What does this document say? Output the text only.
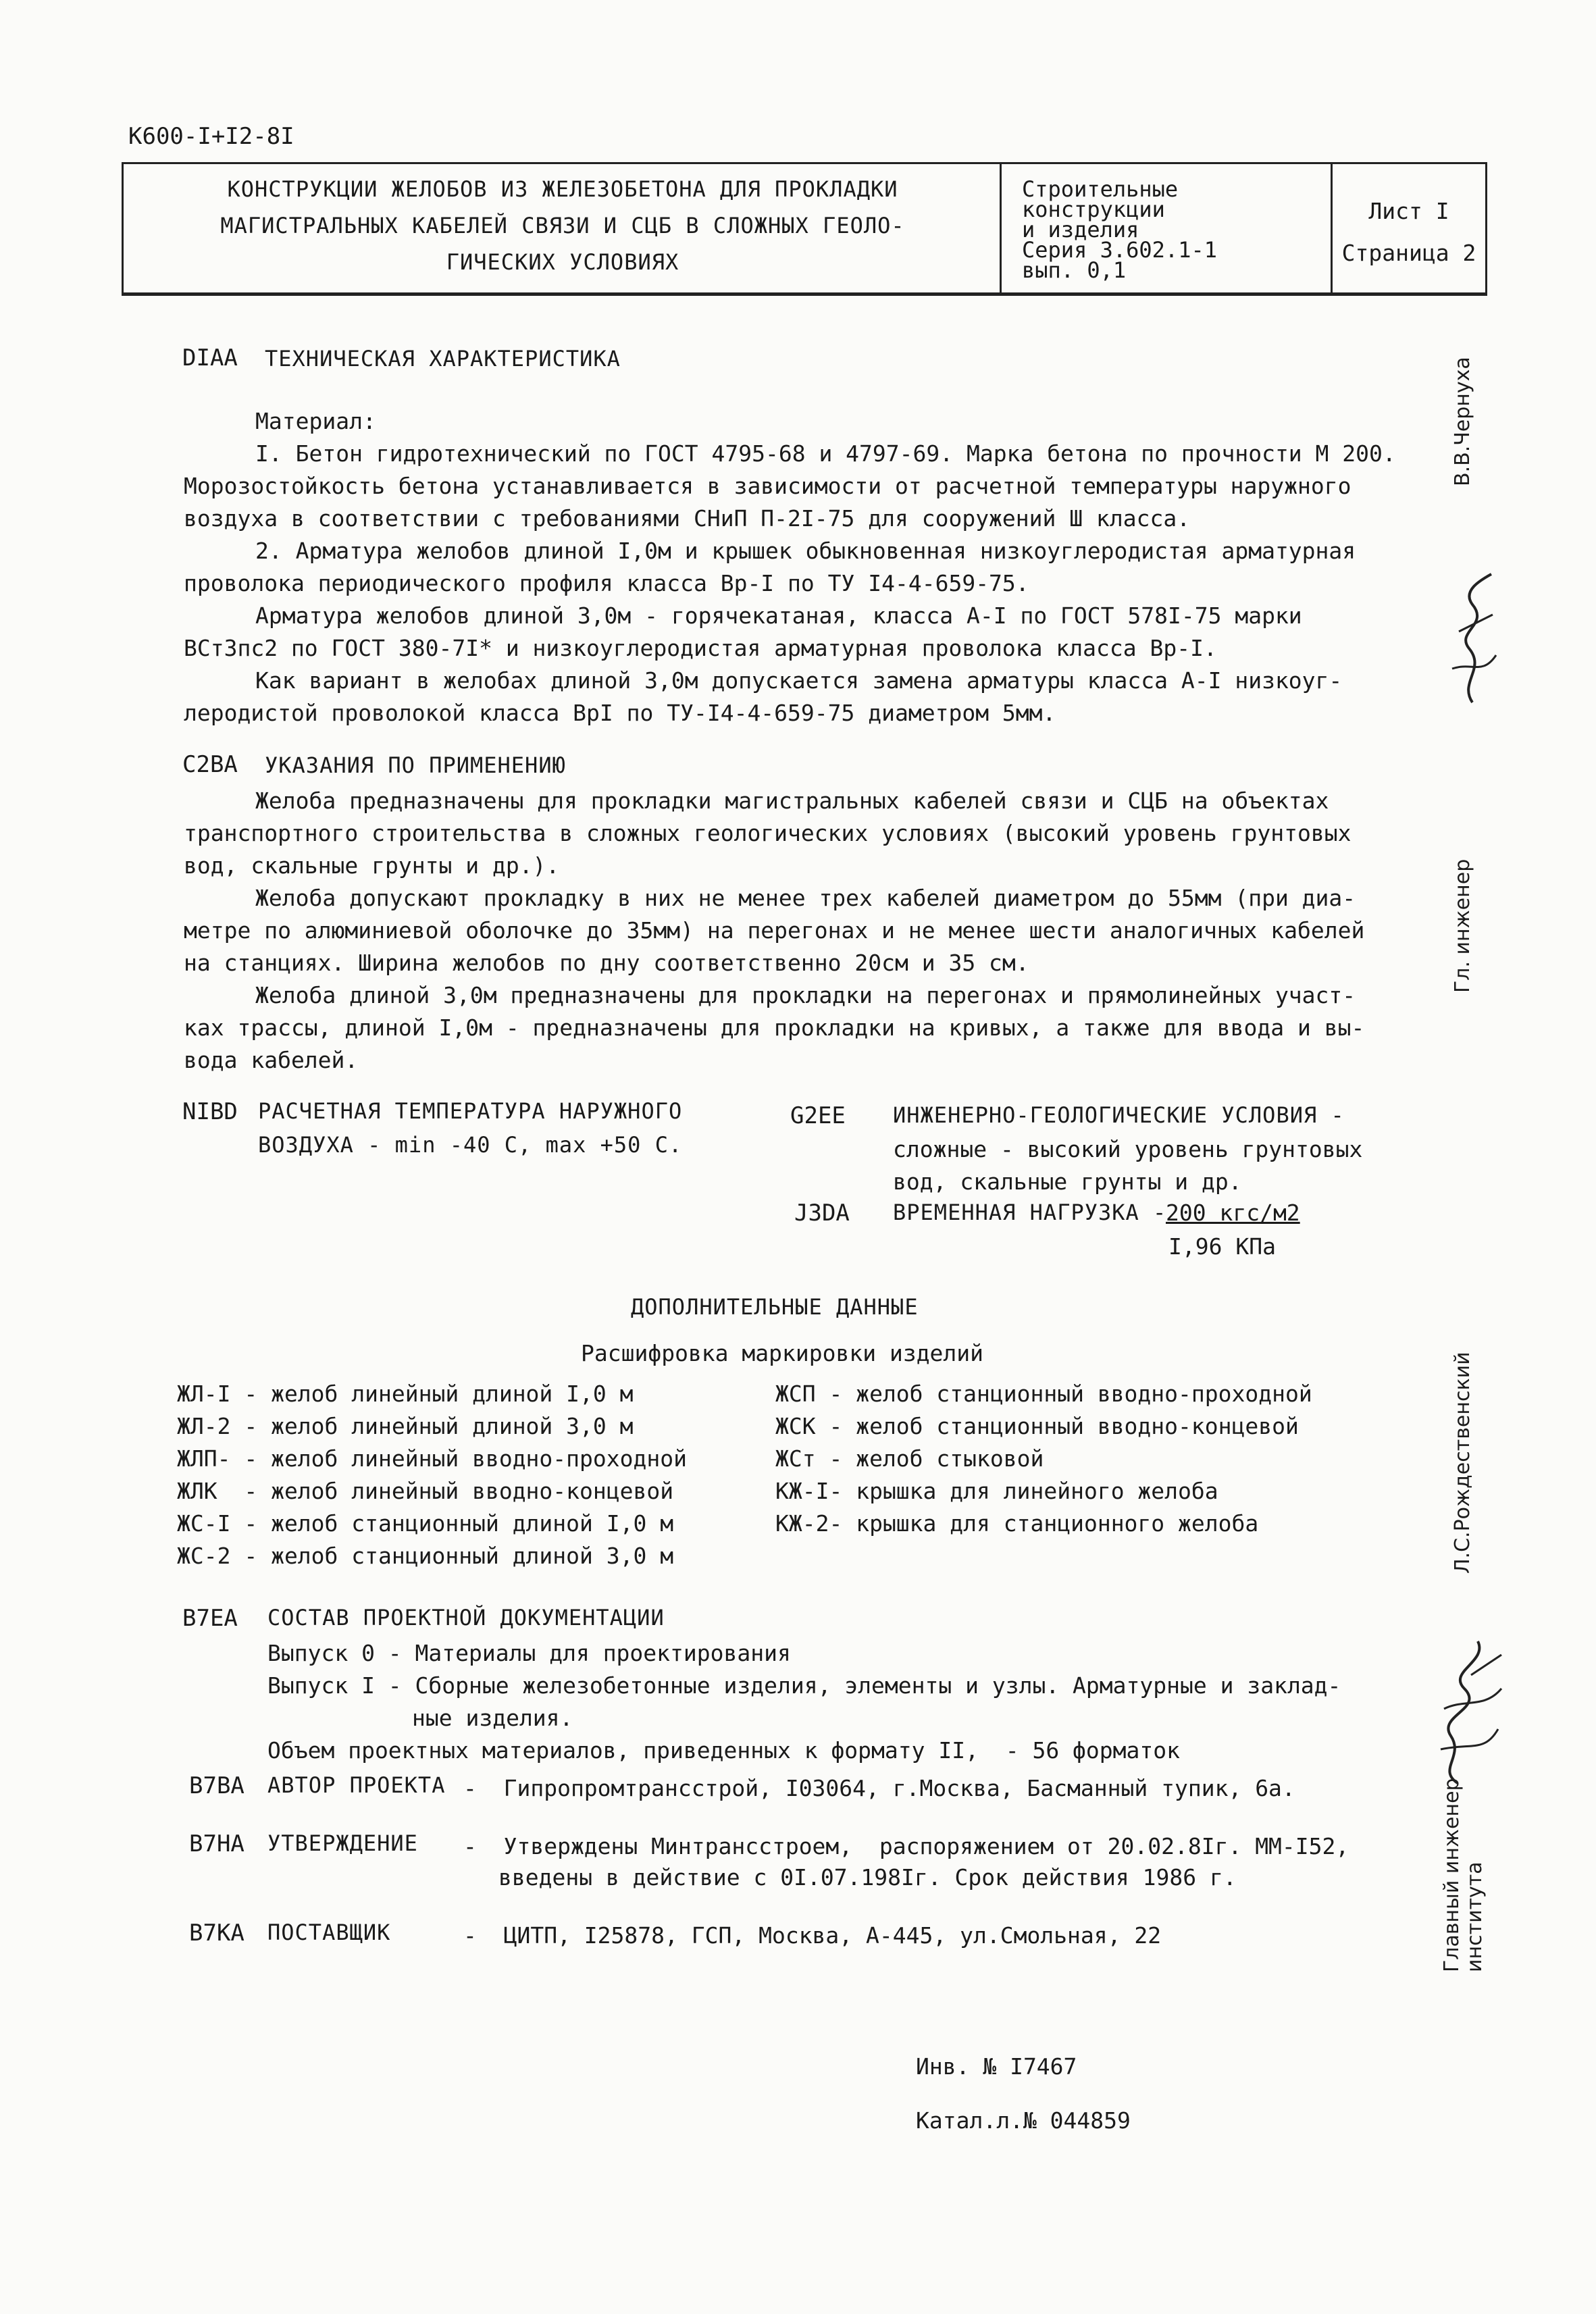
К600-I+I2-8I
КОНСТРУКЦИИ ЖЕЛОБОВ ИЗ ЖЕЛЕЗОБЕТОНА ДЛЯ ПРОКЛАДКИ
МАГИСТРАЛЬНЫХ КАБЕЛЕЙ СВЯЗИ И СЦБ В СЛОЖНЫХ ГЕОЛО-
ГИЧЕСКИХ УСЛОВИЯХ
Строительные
конструкции
и изделия
Серия 3.602.1-1
вып. 0,1
Лист I
Страница 2
DIAA ТЕХНИЧЕСКАЯ ХАРАКТЕРИСТИКА
Материал:
I. Бетон гидротехнический по ГОСТ 4795-68 и 4797-69. Марка бетона по прочности М 200.
Морозостойкость бетона устанавливается в зависимости от расчетной температуры наружного
воздуха в соответствии с требованиями СНиП П-2I-75 для сооружений Ш класса.
2. Арматура желобов длиной I,0м и крышек обыкновенная низкоуглеродистая арматурная
проволока периодического профиля класса Вр-I по ТУ I4-4-659-75.
Арматура желобов длиной 3,0м - горячекатаная, класса А-I по ГОСТ 578I-75 марки
ВСт3пс2 по ГОСТ 380-7I* и низкоуглеродистая арматурная проволока класса Вр-I.
Как вариант в желобах длиной 3,0м допускается замена арматуры класса А-I низкоуг-
леродистой проволокой класса ВрI по ТУ-I4-4-659-75 диаметром 5мм.
C2BA УКАЗАНИЯ ПО ПРИМЕНЕНИЮ
Желоба предназначены для прокладки магистральных кабелей связи и СЦБ на объектах
транспортного строительства в сложных геологических условиях (высокий уровень грунтовых
вод, скальные грунты и др.).
Желоба допускают прокладку в них не менее трех кабелей диаметром до 55мм (при диа-
метре по алюминиевой оболочке до 35мм) на перегонах и не менее шести аналогичных кабелей
на станциях. Ширина желобов по дну соответственно 20см и 35 см.
Желоба длиной 3,0м предназначены для прокладки на перегонах и прямолинейных участ-
ках трассы, длиной I,0м - предназначены для прокладки на кривых, а также для ввода и вы-
вода кабелей.
NIBD РАСЧЕТНАЯ ТЕМПЕРАТУРА НАРУЖНОГО
ВОЗДУХА - min -40 С, max +50 С.
G2EE ИНЖЕНЕРНО-ГЕОЛОГИЧЕСКИЕ УСЛОВИЯ -
сложные - высокий уровень грунтовых
вод, скальные грунты и др.
J3DA ВРЕМЕННАЯ НАГРУЗКА -
200 кгс/м2
I,96 КПа
ДОПОЛНИТЕЛЬНЫЕ ДАННЫЕ
Расшифровка маркировки изделий
ЖЛ-I - желоб линейный длиной I,0 м
ЖЛ-2 - желоб линейный длиной 3,0 м
ЖЛП- - желоб линейный вводно-проходной
ЖЛК  - желоб линейный вводно-концевой
ЖС-I - желоб станционный длиной I,0 м
ЖС-2 - желоб станционный длиной 3,0 м
ЖСП - желоб станционный вводно-проходной
ЖСК - желоб станционный вводно-концевой
ЖСт - желоб стыковой
КЖ-I- крышка для линейного желоба
КЖ-2- крышка для станционного желоба
B7EA СОСТАВ ПРОЕКТНОЙ ДОКУМЕНТАЦИИ
Выпуск 0 - Материалы для проектирования
Выпуск I - Сборные железобетонные изделия, элементы и узлы. Арматурные и заклад-
ные изделия.
Объем проектных материалов, приведенных к формату II,  - 56 форматок
B7BA АВТОР ПРОЕКТА -  Гипропромтрансстрой, I03064, г.Москва, Басманный тупик, 6а.
B7HA УТВЕРЖДЕНИЕ -  Утверждены Минтрансстроем,  распоряжением от 20.02.8Iг. ММ-I52,
введены в действие с 0I.07.198Iг. Срок действия 1986 г.
B7KA ПОСТАВЩИК	-  ЦИТП, I25878, ГСП, Москва, А-445, ул.Смольная, 22
Инв. № I7467
Катал.л.№ 044859
В.В.Чернуха
Гл. инженер
Л.С.Рождественский
Главный инженер института
